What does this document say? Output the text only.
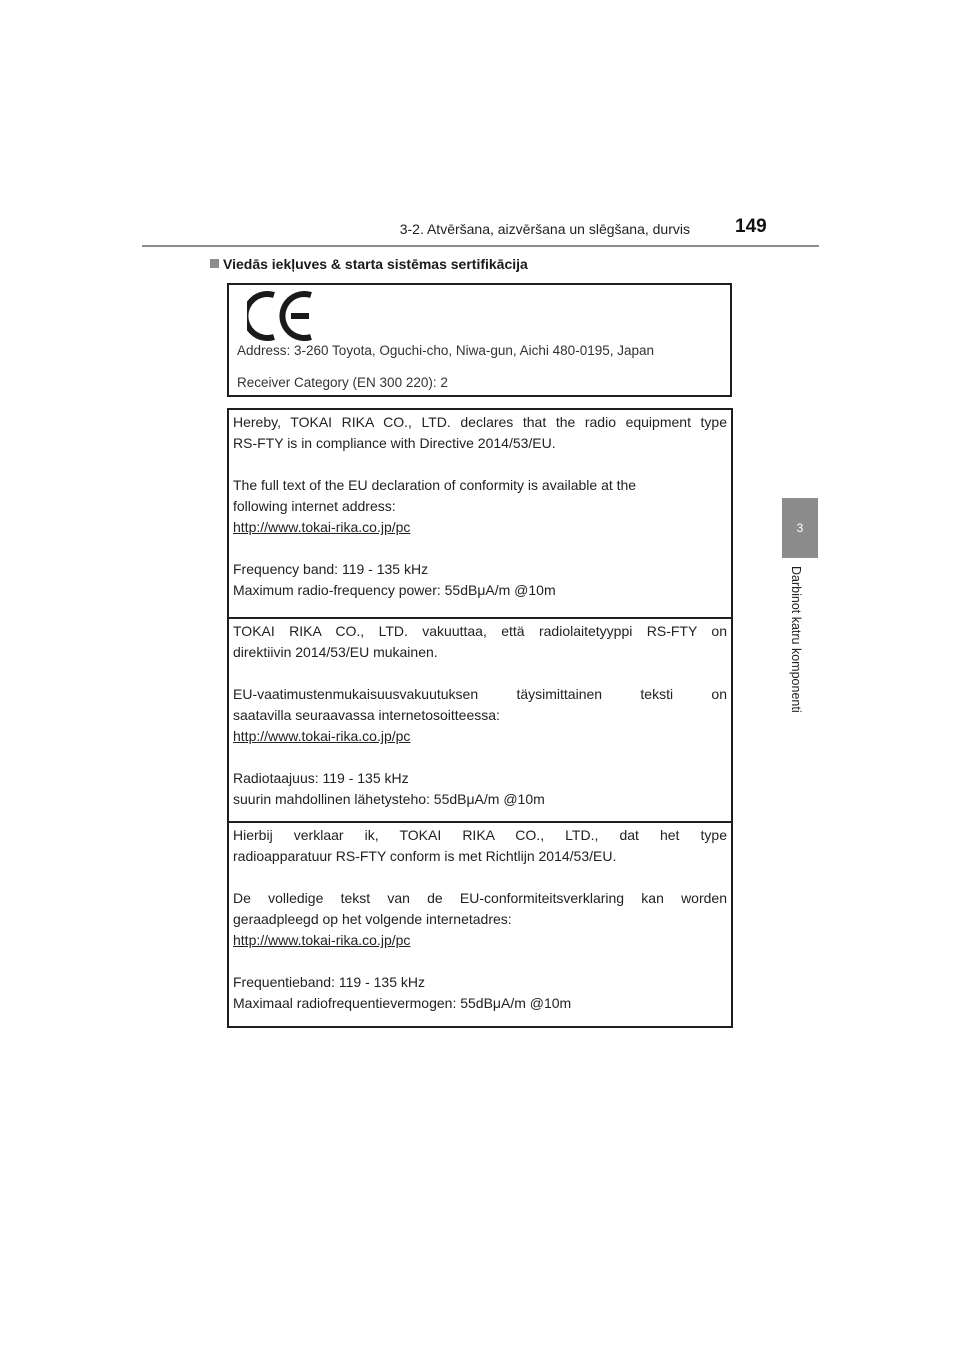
3-2. Atvēršana, aizvēršana un slēgšana, durvis 149
3
Darbinot katru komponenti
Viedās iekļuves & starta sistēmas sertifikācija
Address: 3-260 Toyota, Oguchi-cho, Niwa-gun, Aichi 480-0195, Japan
Receiver Category (EN 300 220): 2
Hereby, TOKAI RIKA CO., LTD. declares that the radio equipment type
RS-FTY is in compliance with Directive 2014/53/EU.
The full text of the EU declaration of conformity is available at the
following internet address:
http://www.tokai-rika.co.jp/pc
Frequency band: 119 - 135 kHz
Maximum radio-frequency power: 55dBμA/m @10m
TOKAI RIKA CO., LTD. vakuuttaa, että radiolaitetyyppi RS-FTY on
direktiivin 2014/53/EU mukainen.
EU-vaatimustenmukaisuusvakuutuksen täysimittainen teksti on
saatavilla seuraavassa internetosoitteessa:
http://www.tokai-rika.co.jp/pc
Radiotaajuus: 119 - 135 kHz
suurin mahdollinen lähetysteho: 55dBμA/m @10m
Hierbij verklaar ik, TOKAI RIKA CO., LTD., dat het type
radioapparatuur RS-FTY conform is met Richtlijn 2014/53/EU.
De volledige tekst van de EU-conformiteitsverklaring kan worden
geraadpleegd op het volgende internetadres:
http://www.tokai-rika.co.jp/pc
Frequentieband: 119 - 135 kHz
Maximaal radiofrequentievermogen: 55dBμA/m @10m
